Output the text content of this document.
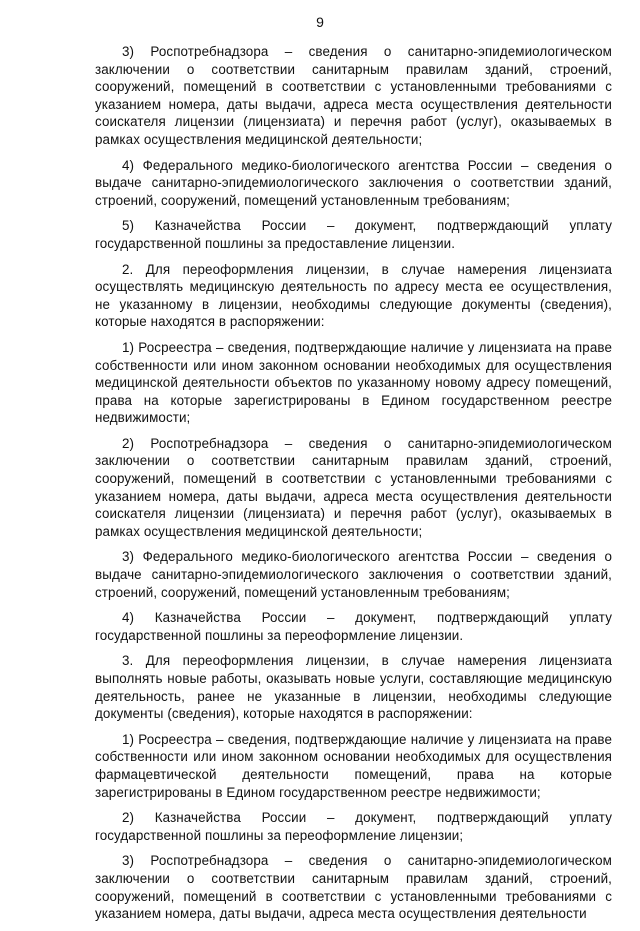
9

3) Роспотребнадзора – сведения о санитарно-эпидемиологическом заключении о соответствии санитарным правилам зданий, строений, сооружений, помещений в соответствии с установленными требованиями с указанием номера, даты выдачи, адреса места осуществления деятельности соискателя лицензии (лицензиата) и перечня работ (услуг), оказываемых в рамках осуществления медицинской деятельности;

4) Федерального медико-биологического агентства России – сведения о выдаче санитарно-эпидемиологического заключения о соответствии зданий, строений, сооружений, помещений установленным требованиям;

5) Казначейства России – документ, подтверждающий уплату государственной пошлины за предоставление лицензии.

2. Для переоформления лицензии, в случае намерения лицензиата осуществлять медицинскую деятельность по адресу места ее осуществления, не указанному в лицензии, необходимы следующие документы (сведения), которые находятся в распоряжении:

1) Росреестра – сведения, подтверждающие наличие у лицензиата на праве собственности или ином законном основании необходимых для осуществления медицинской деятельности объектов по указанному новому адресу помещений, права на которые зарегистрированы в Едином государственном реестре недвижимости;

2) Роспотребнадзора – сведения о санитарно-эпидемиологическом заключении о соответствии санитарным правилам зданий, строений, сооружений, помещений в соответствии с установленными требованиями с указанием номера, даты выдачи, адреса места осуществления деятельности соискателя лицензии (лицензиата) и перечня работ (услуг), оказываемых в рамках осуществления медицинской деятельности;

3) Федерального медико-биологического агентства России – сведения о выдаче санитарно-эпидемиологического заключения о соответствии зданий, строений, сооружений, помещений установленным требованиям;

4) Казначейства России – документ, подтверждающий уплату государственной пошлины за переоформление лицензии.

3. Для переоформления лицензии, в случае намерения лицензиата выполнять новые работы, оказывать новые услуги, составляющие медицинскую деятельность, ранее не указанные в лицензии, необходимы следующие документы (сведения), которые находятся в распоряжении:

1) Росреестра – сведения, подтверждающие наличие у лицензиата на праве собственности или ином законном основании необходимых для осуществления фармацевтической деятельности помещений, права на которые зарегистрированы в Едином государственном реестре недвижимости;

2) Казначейства России – документ, подтверждающий уплату государственной пошлины за переоформление лицензии;

3) Роспотребнадзора – сведения о санитарно-эпидемиологическом заключении о соответствии санитарным правилам зданий, строений, сооружений, помещений в соответствии с установленными требованиями с указанием номера, даты выдачи, адреса места осуществления деятельности
